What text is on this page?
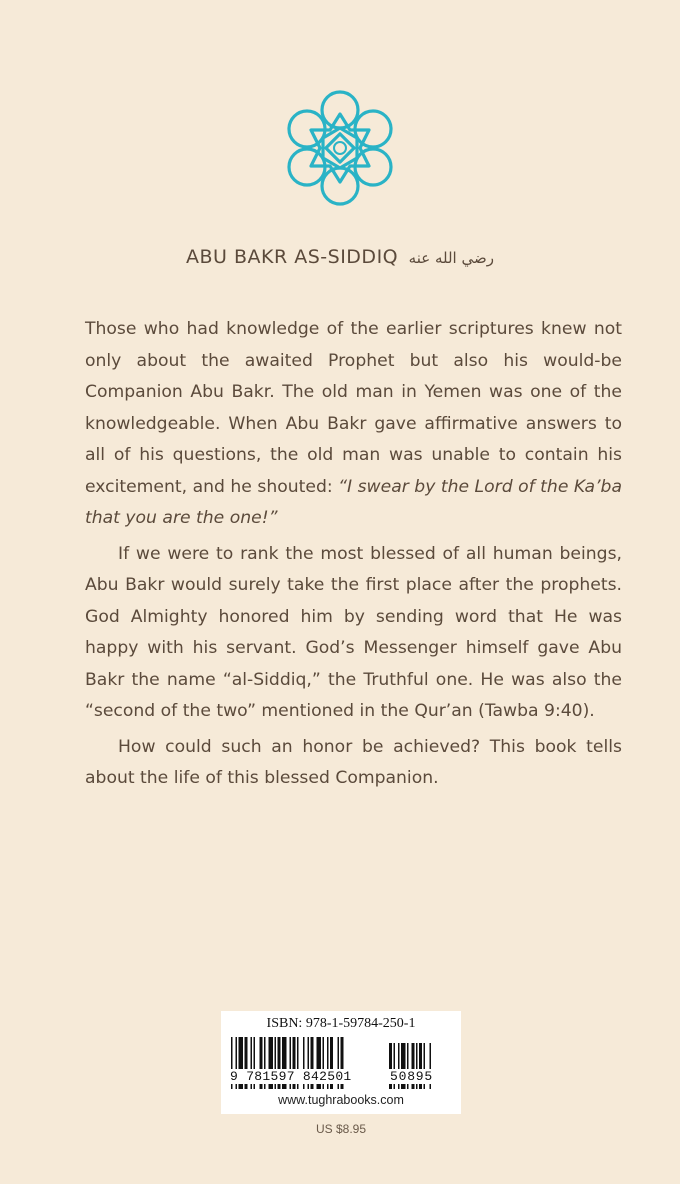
ABU BAKR AS-SIDDIQ رضي الله عنه

Those who had knowledge of the earlier scriptures knew not only about the awaited Prophet but also his would-be Companion Abu Bakr. The old man in Yemen was one of the knowledgeable. When Abu Bakr gave affirmative answers to all of his questions, the old man was unable to contain his excitement, and he shouted: “I swear by the Lord of the Ka’ba that you are the one!”

If we were to rank the most blessed of all human beings, Abu Bakr would surely take the first place after the prophets. God Almighty honored him by sending word that He was happy with his servant. God’s Messenger himself gave Abu Bakr the name “al-Siddiq,” the Truthful one. He was also the “second of the two” mentioned in the Qur’an (Tawba 9:40).

How could such an honor be achieved? This book tells about the life of this blessed Companion.

ISBN: 978-1-59784-250-1
9 781597 842501	50895
www.tughrabooks.com
US $8.95
